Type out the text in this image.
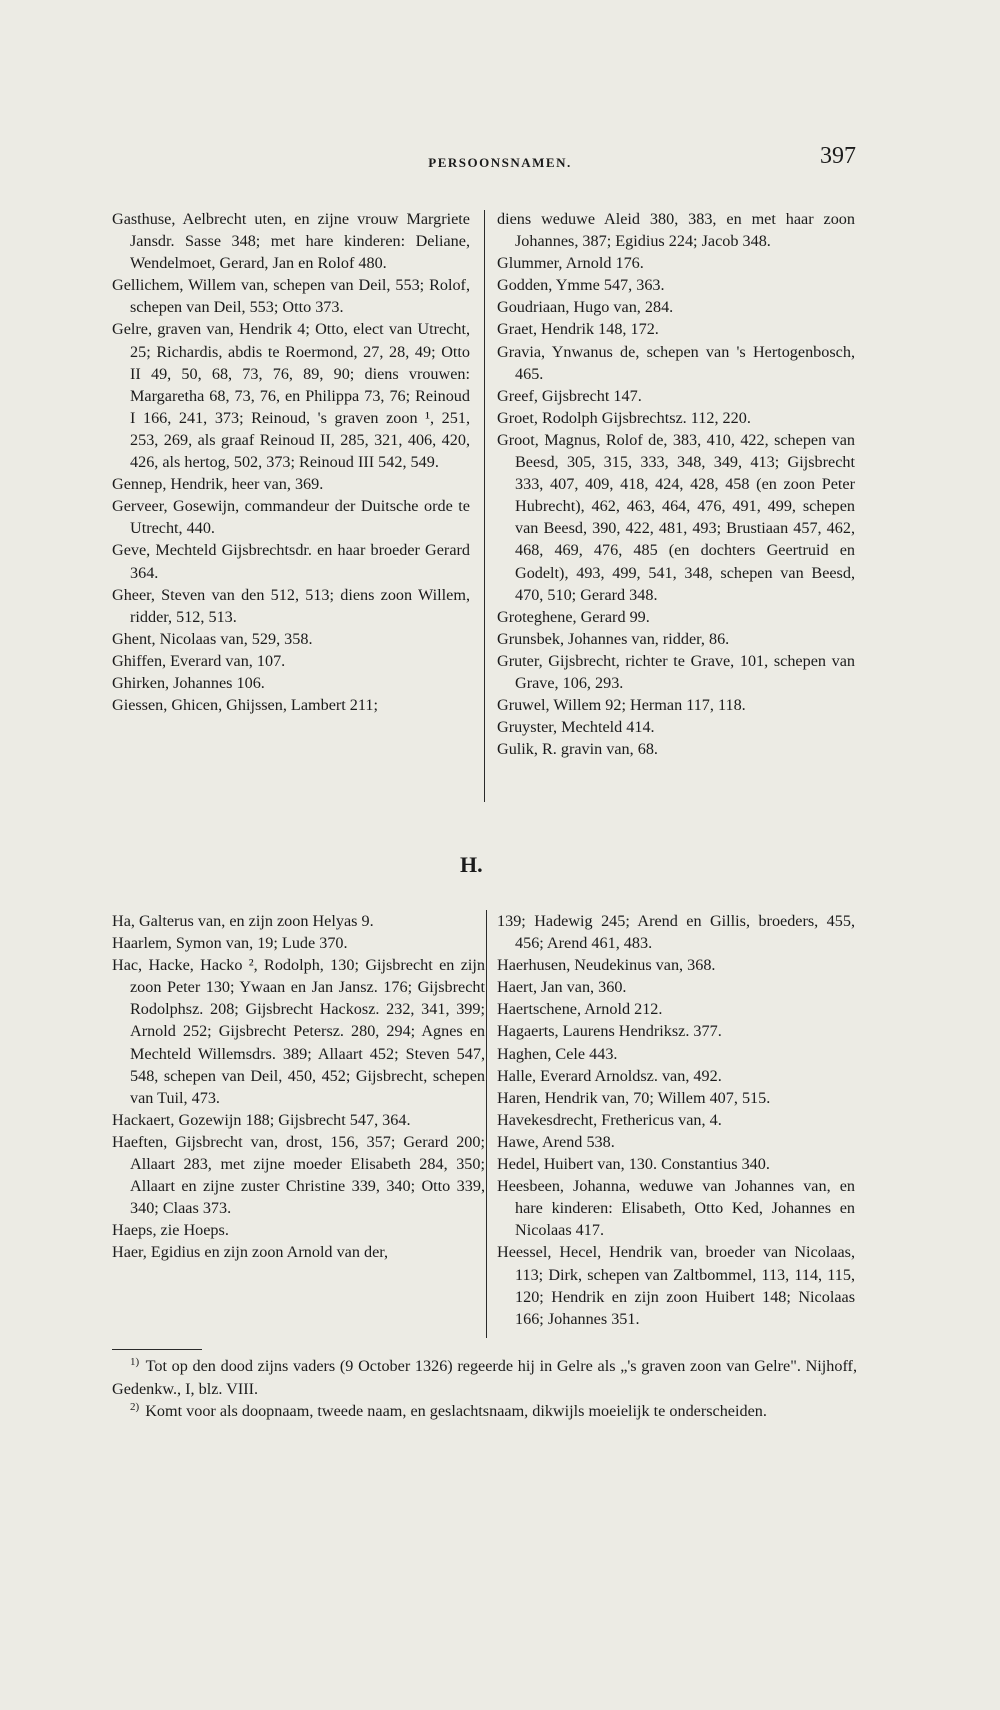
PERSOONSNAMEN.	397

Gasthuse, Aelbrecht uten, en zijne vrouw Margriete Jansdr. Sasse 348; met hare kinderen: Deliane, Wendelmoet, Gerard, Jan en Rolof 480.

Gellichem, Willem van, schepen van Deil, 553; Rolof, schepen van Deil, 553; Otto 373.

Gelre, graven van, Hendrik 4; Otto, elect van Utrecht, 25; Richardis, abdis te Roermond, 27, 28, 49; Otto II 49, 50, 68, 73, 76, 89, 90; diens vrouwen: Margaretha 68, 73, 76, en Philippa 73, 76; Reinoud I 166, 241, 373; Reinoud, 's graven zoon ¹, 251, 253, 269, als graaf Reinoud II, 285, 321, 406, 420, 426, als hertog, 502, 373; Reinoud III 542, 549.

Gennep, Hendrik, heer van, 369.

Gerveer, Gosewijn, commandeur der Duitsche orde te Utrecht, 440.

Geve, Mechteld Gijsbrechtsdr. en haar broeder Gerard 364.

Gheer, Steven van den 512, 513; diens zoon Willem, ridder, 512, 513.

Ghent, Nicolaas van, 529, 358.

Ghiffen, Everard van, 107.

Ghirken, Johannes 106.

Giessen, Ghicen, Ghijssen, Lambert 211;

diens weduwe Aleid 380, 383, en met haar zoon Johannes, 387; Egidius 224; Jacob 348.

Glummer, Arnold 176.

Godden, Ymme 547, 363.

Goudriaan, Hugo van, 284.

Graet, Hendrik 148, 172.

Gravia, Ynwanus de, schepen van 's Hertogenbosch, 465.

Greef, Gijsbrecht 147.

Groet, Rodolph Gijsbrechtsz. 112, 220.

Groot, Magnus, Rolof de, 383, 410, 422, schepen van Beesd, 305, 315, 333, 348, 349, 413; Gijsbrecht 333, 407, 409, 418, 424, 428, 458 (en zoon Peter Hubrecht), 462, 463, 464, 476, 491, 499, schepen van Beesd, 390, 422, 481, 493; Brustiaan 457, 462, 468, 469, 476, 485 (en dochters Geertruid en Godelt), 493, 499, 541, 348, schepen van Beesd, 470, 510; Gerard 348.

Groteghene, Gerard 99.

Grunsbek, Johannes van, ridder, 86.

Gruter, Gijsbrecht, richter te Grave, 101, schepen van Grave, 106, 293.

Gruwel, Willem 92; Herman 117, 118.

Gruyster, Mechteld 414.

Gulik, R. gravin van, 68.

H.

Ha, Galterus van, en zijn zoon Helyas 9.

Haarlem, Symon van, 19; Lude 370.

Hac, Hacke, Hacko ², Rodolph, 130; Gijsbrecht en zijn zoon Peter 130; Ywaan en Jan Jansz. 176; Gijsbrecht Rodolphsz. 208; Gijsbrecht Hackosz. 232, 341, 399; Arnold 252; Gijsbrecht Petersz. 280, 294; Agnes en Mechteld Willemsdrs. 389; Allaart 452; Steven 547, 548, schepen van Deil, 450, 452; Gijsbrecht, schepen van Tuil, 473.

Hackaert, Gozewijn 188; Gijsbrecht 547, 364.

Haeften, Gijsbrecht van, drost, 156, 357; Gerard 200; Allaart 283, met zijne moeder Elisabeth 284, 350; Allaart en zijne zuster Christine 339, 340; Otto 339, 340; Claas 373.

Haeps, zie Hoeps.

Haer, Egidius en zijn zoon Arnold van der,

139; Hadewig 245; Arend en Gillis, broeders, 455, 456; Arend 461, 483.

Haerhusen, Neudekinus van, 368.

Haert, Jan van, 360.

Haertschene, Arnold 212.

Hagaerts, Laurens Hendriksz. 377.

Haghen, Cele 443.

Halle, Everard Arnoldsz. van, 492.

Haren, Hendrik van, 70; Willem 407, 515.

Havekesdrecht, Frethericus van, 4.

Hawe, Arend 538.

Hedel, Huibert van, 130. Constantius 340.

Heesbeen, Johanna, weduwe van Johannes van, en hare kinderen: Elisabeth, Otto Ked, Johannes en Nicolaas 417.

Heessel, Hecel, Hendrik van, broeder van Nicolaas, 113; Dirk, schepen van Zaltbommel, 113, 114, 115, 120; Hendrik en zijn zoon Huibert 148; Nicolaas 166; Johannes 351.

$^{1)}$ Tot op den dood zijns vaders (9 October 1326) regeerde hij in Gelre als „'s graven zoon van Gelre". Nijhoff, Gedenkw., I, blz. VIII.

$^{2)}$ Komt voor als doopnaam, tweede naam, en geslachtsnaam, dikwijls moeielijk te onderscheiden.
